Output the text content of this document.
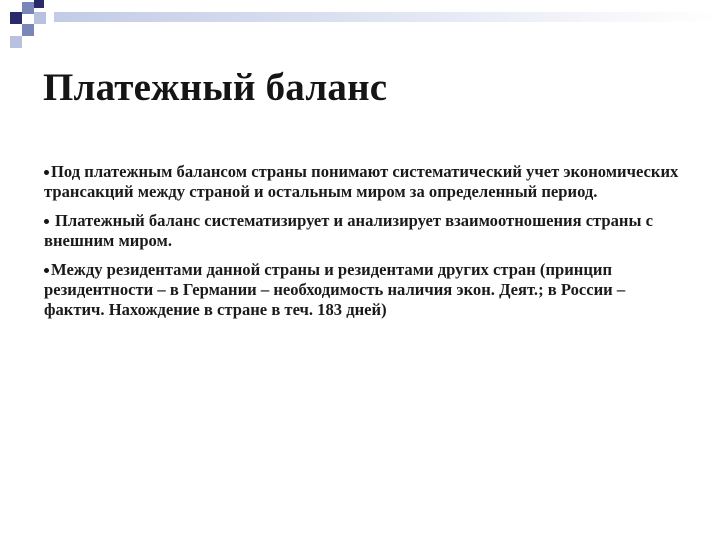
Платежный баланс
Под платежным балансом страны понимают систематический учет экономических трансакций между страной и остальным миром за определенный период.
Платежный баланс систематизирует и анализирует взаимоотношения страны с внешним миром.
Между резидентами данной страны и резидентами других стран (принцип резидентности – в Германии – необходимость наличия экон. Деят.; в России – фактич. Нахождение в стране в теч. 183 дней)
